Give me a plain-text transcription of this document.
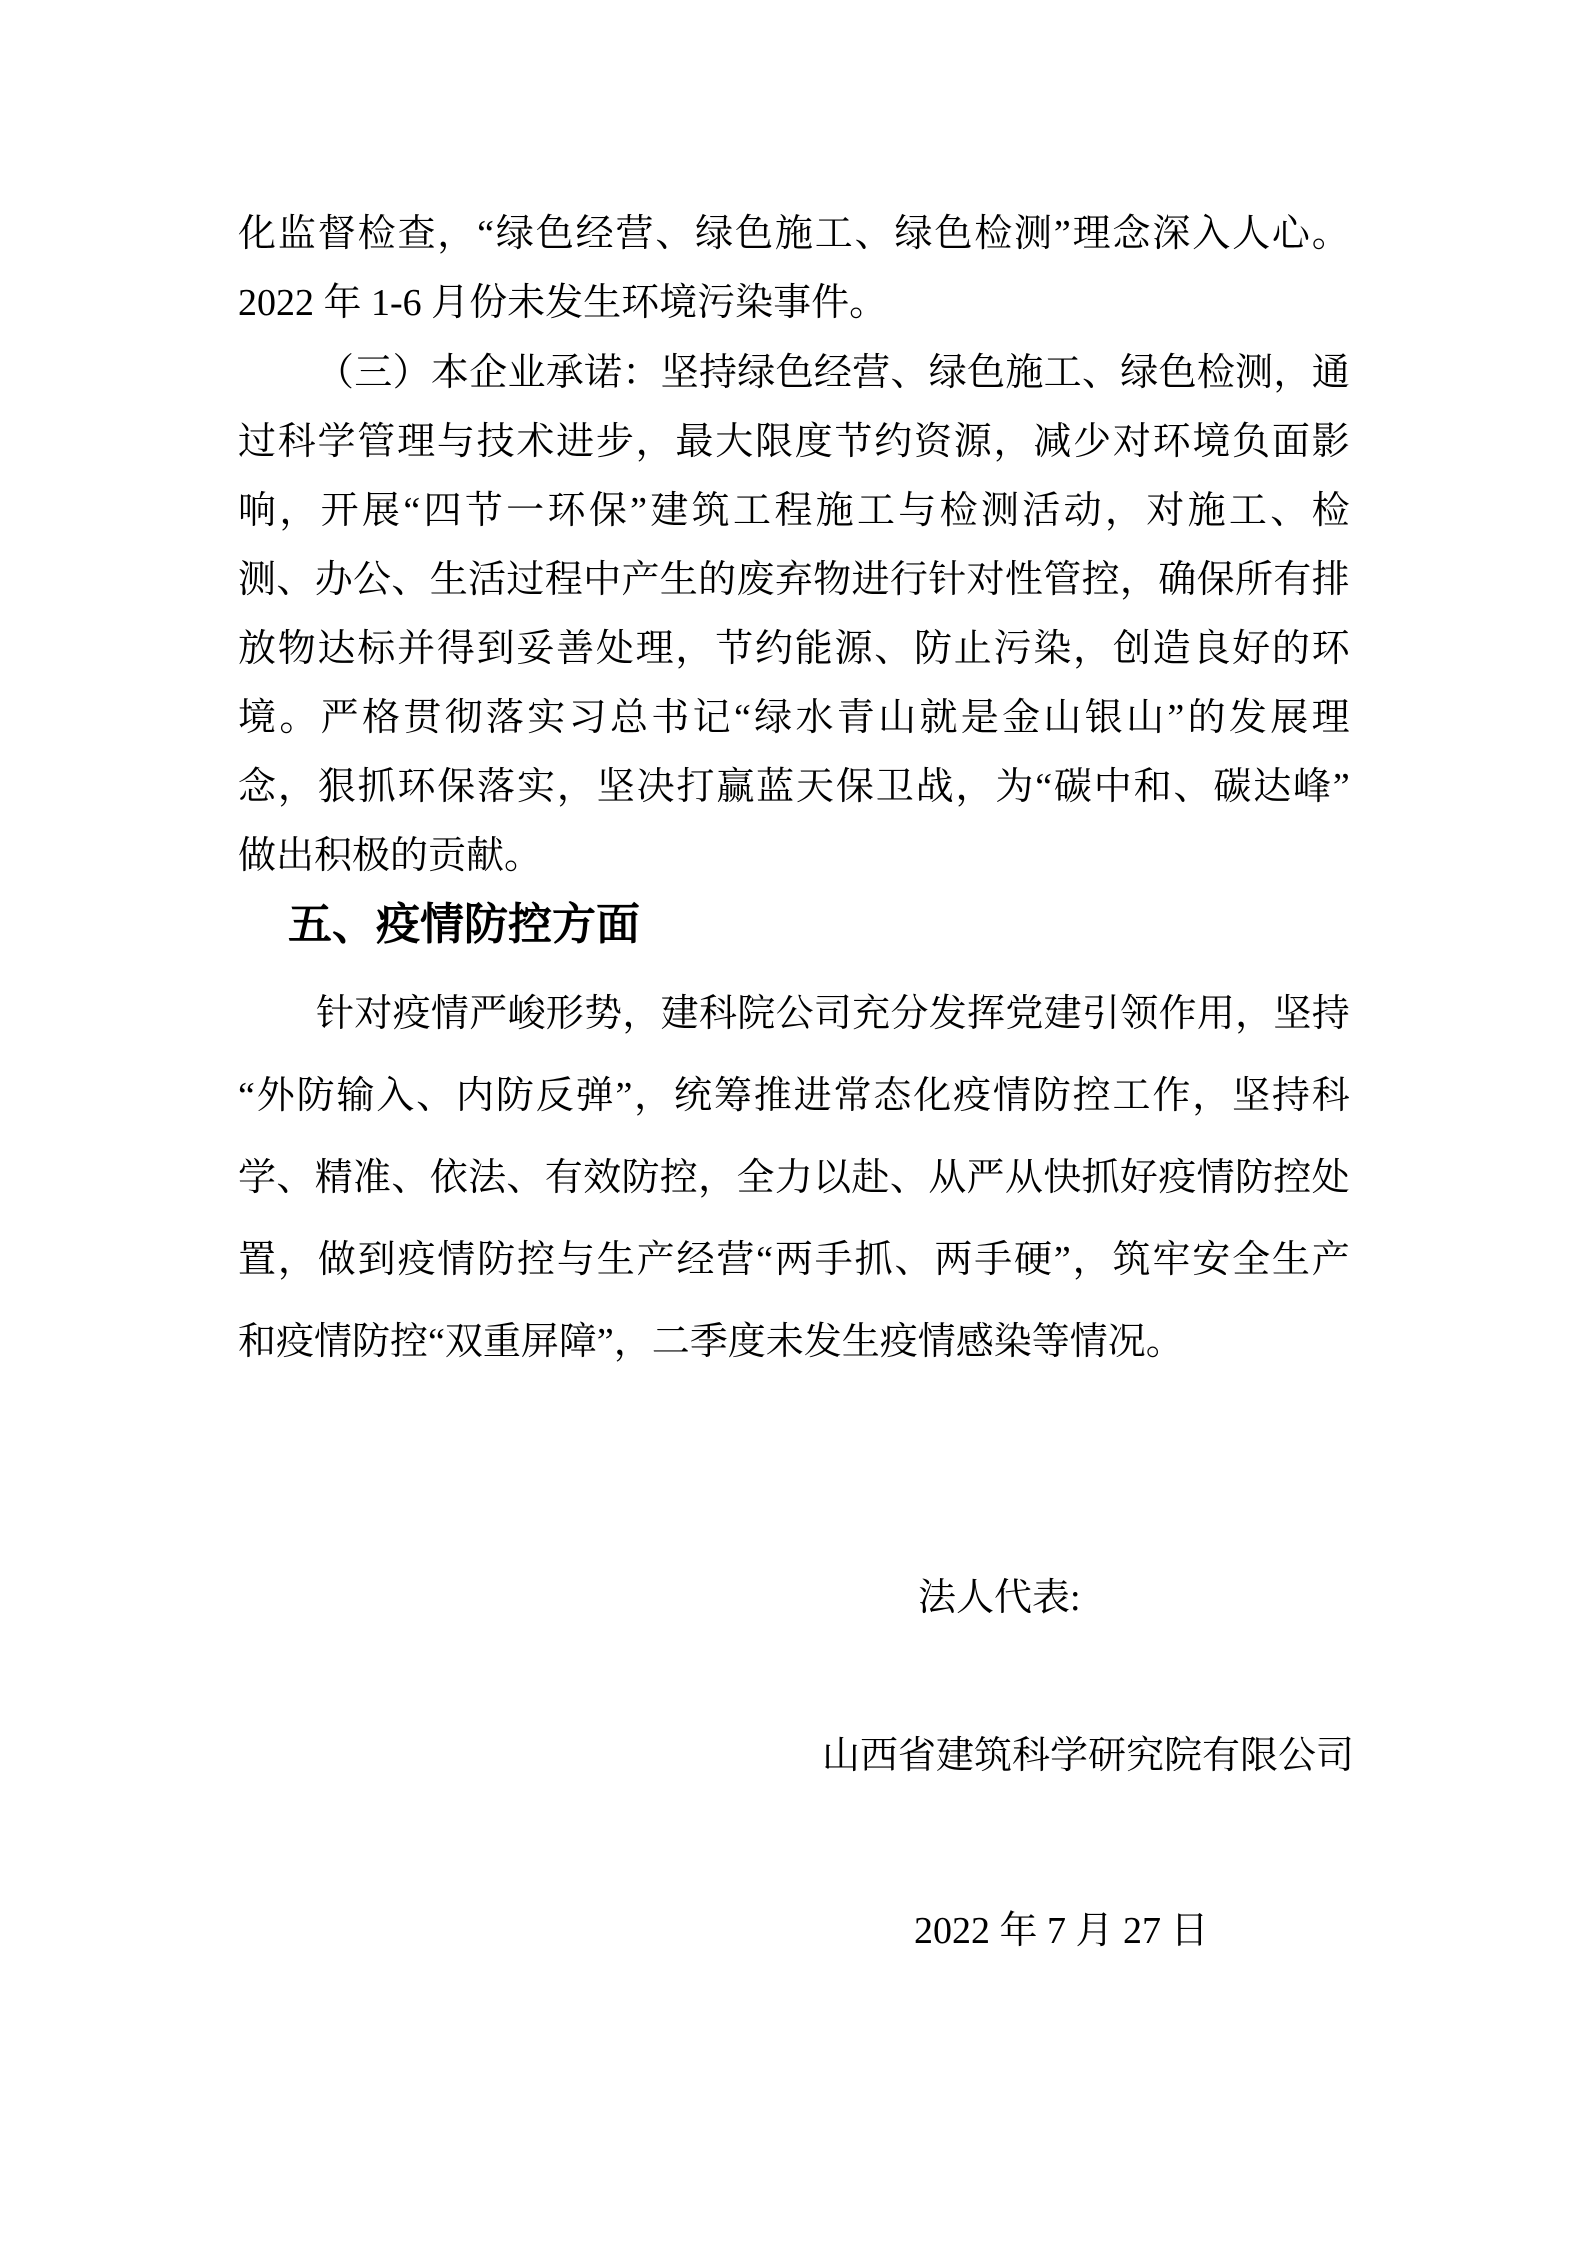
化 监 督 检 查 ， “ 绿 色 经 营 、 绿 色 施 工 、 绿 色 检 测 ” 理 念 深 入 人 心 。
2022 年 1-6 月份未发生环境污染事件。
（ 三 ） 本 企 业 承 诺 ： 坚 持 绿 色 经 营 、 绿 色 施 工 、 绿 色 检 测 ， 通
过 科 学 管 理 与 技 术 进 步 ， 最 大 限 度 节 约 资 源 ， 减 少 对 环 境 负 面 影
响 ， 开 展 “ 四 节 一 环 保 ” 建 筑 工 程 施 工 与 检 测 活 动 ， 对 施 工 、 检
测 、 办 公 、 生 活 过 程 中 产 生 的 废 弃 物 进 行 针 对 性 管 控 ， 确 保 所 有 排
放 物 达 标 并 得 到 妥 善 处 理 ， 节 约 能 源 、 防 止 污 染 ， 创 造 良 好 的 环
境 。 严 格 贯 彻 落 实 习 总 书 记 “ 绿 水 青 山 就 是 金 山 银 山 ” 的 发 展 理
念 ， 狠 抓 环 保 落 实 ， 坚 决 打 赢 蓝 天 保 卫 战 ， 为 “ 碳 中 和 、 碳 达 峰 ”
做出积极的贡献。
五、疫情防控方面
针 对 疫 情 严 峻 形 势 ， 建 科 院 公 司 充 分 发 挥 党 建 引 领 作 用 ， 坚 持
“ 外 防 输 入 、 内 防 反 弹 ” ， 统 筹 推 进 常 态 化 疫 情 防 控 工 作 ， 坚 持 科
学 、 精 准 、 依 法 、 有 效 防 控 ， 全 力 以 赴 、 从 严 从 快 抓 好 疫 情 防 控 处
置 ， 做 到 疫 情 防 控 与 生 产 经 营 “ 两 手 抓 、 两 手 硬 ” ， 筑 牢 安 全 生 产
和疫情防控“双重屏障”，二季度未发生疫情感染等情况。
法人代表:
山西省建筑科学研究院有限公司
2022 年 7 月 27 日
